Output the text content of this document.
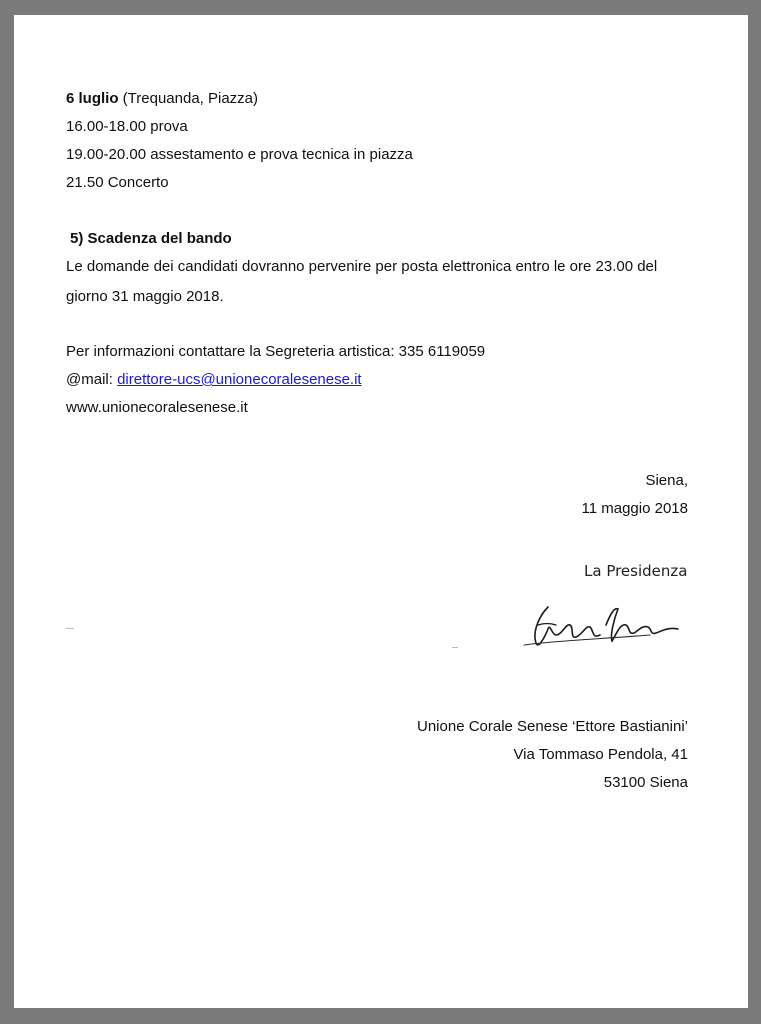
6 luglio (Trequanda, Piazza)
16.00-18.00 prova
19.00-20.00 assestamento e prova tecnica in piazza
21.50 Concerto
5) Scadenza del bando
Le domande dei candidati dovranno pervenire per posta elettronica entro le ore 23.00 del
giorno 31 maggio 2018.
Per informazioni contattare la Segreteria artistica: 335 6119059
@mail: direttore-ucs@unionecoralesenese.it
www.unionecoralesenese.it
Siena,
11 maggio 2018
La Presidenza
Unione Corale Senese ‘Ettore Bastianini’
Via Tommaso Pendola, 41
53100 Siena
